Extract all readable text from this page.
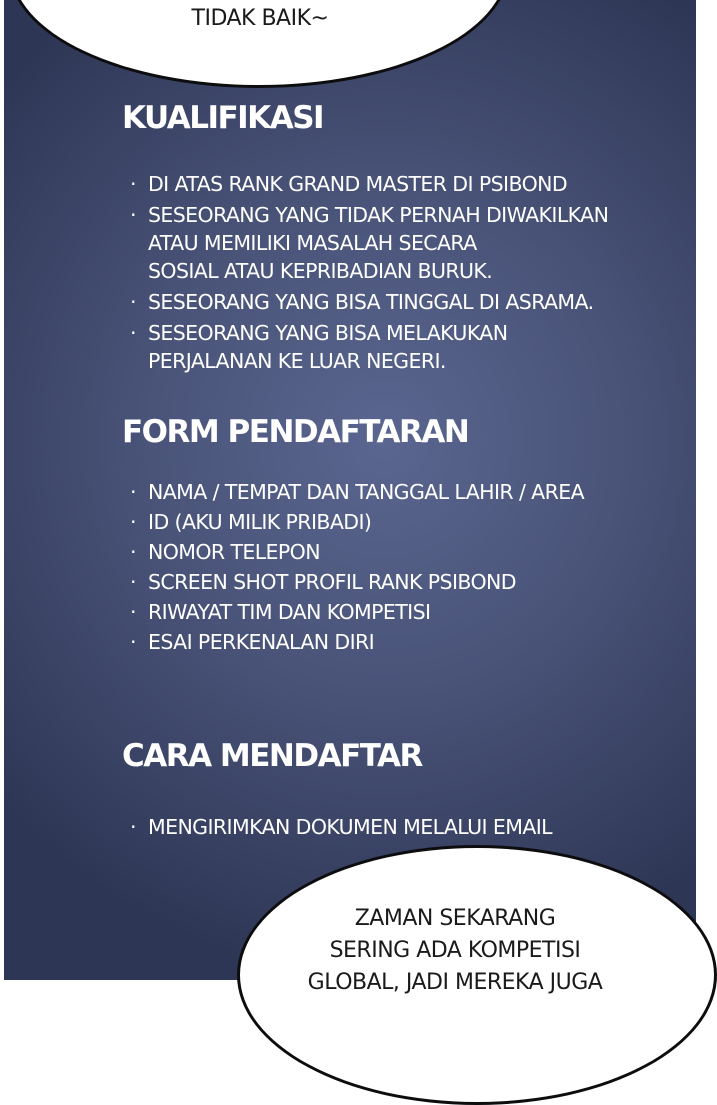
TIDAK BAIK~
KUALIFIKASI
· DI ATAS RANK GRAND MASTER DI PSIBOND
· SESEORANG YANG TIDAK PERNAH DIWAKILKAN
ATAU MEMILIKI MASALAH SECARA
SOSIAL ATAU KEPRIBADIAN BURUK.
· SESEORANG YANG BISA TINGGAL DI ASRAMA.
· SESEORANG YANG BISA MELAKUKAN
PERJALANAN KE LUAR NEGERI.
FORM PENDAFTARAN
· NAMA / TEMPAT DAN TANGGAL LAHIR / AREA
· ID (AKU MILIK PRIBADI)
· NOMOR TELEPON
· SCREEN SHOT PROFIL RANK PSIBOND
· RIWAYAT TIM DAN KOMPETISI
· ESAI PERKENALAN DIRI
CARA MENDAFTAR
· MENGIRIMKAN DOKUMEN MELALUI EMAIL
ZAMAN SEKARANG
SERING ADA KOMPETISI
GLOBAL, JADI MEREKA JUGA
